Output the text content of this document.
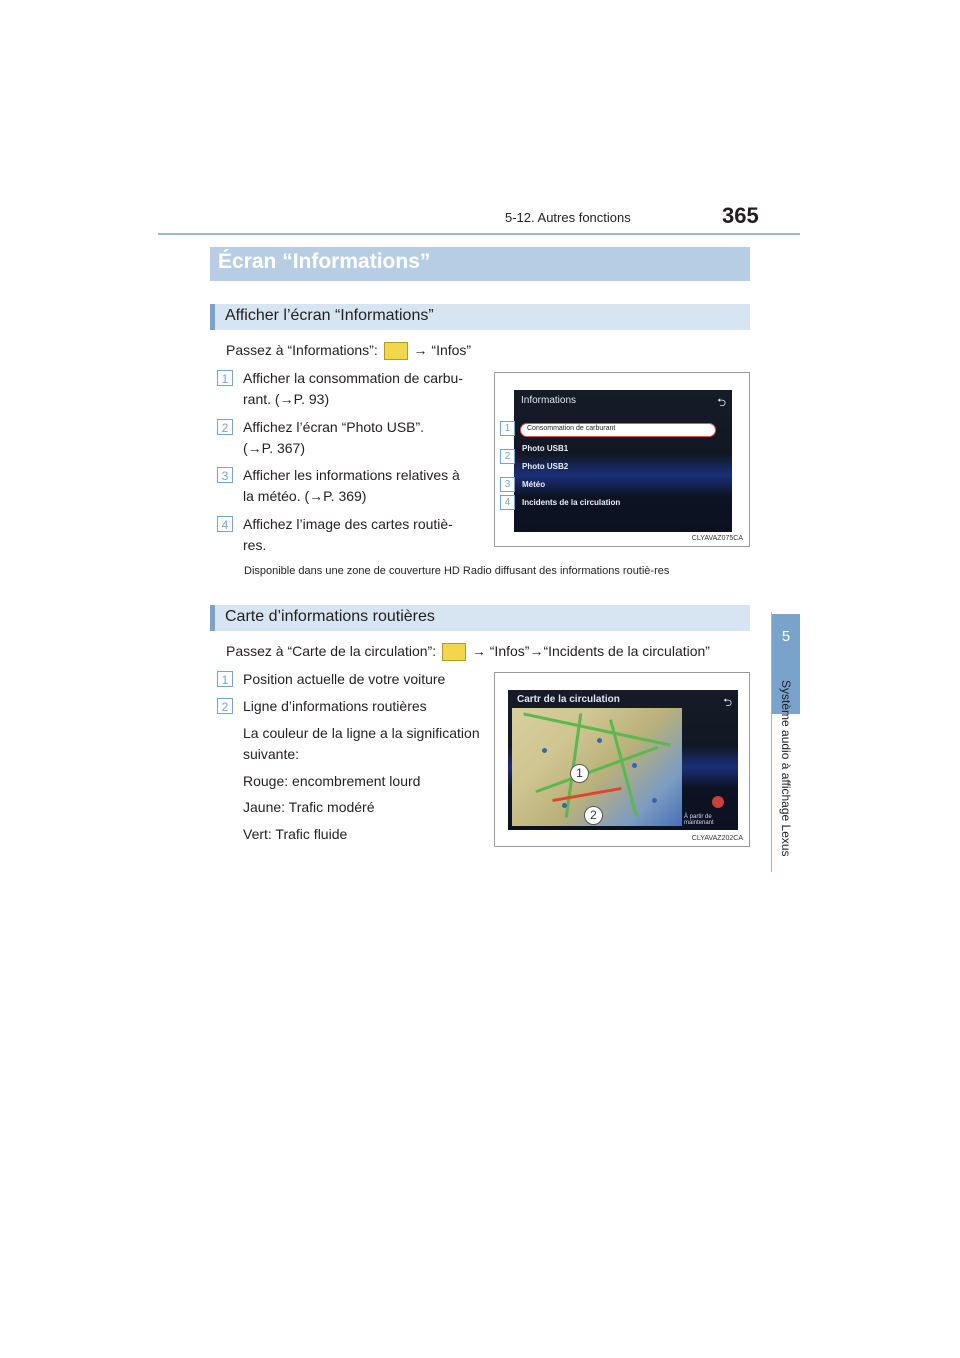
5-12. Autres fonctions	365
5
Système audio à affichage Lexus
Écran “Informations”
Afficher l’écran “Informations”
Passez à “Informations”:	→ “Infos”
1	Afficher la consommation de carbu-
rant. (→P. 93)
2	Affichez l’écran “Photo USB”.
(→P. 367)
3	Afficher les informations relatives à
la météo. (→P. 369)
4	Affichez l’image des cartes routiè-
res.
Disponible dans une zone de couverture HD Radio diffusant des informations routiè-res
Informations	⮌
Consommation de carburant
Photo USB1
Photo USB2
Météo
Incidents de la circulation
1
2
3
4
CLYAVAZ075CA
Carte d’informations routières
Passez à “Carte de la circulation”:	→ “Infos”→“Incidents de la circulation”
1	Position actuelle de votre voiture
2	Ligne d’informations routières
La couleur de la ligne a la signification
suivante:
Rouge: encombrement lourd
Jaune: Trafic modéré
Vert: Trafic fluide
Cartr de la circulation	⮌
1
2	À partir de maintenant
CLYAVAZ202CA
